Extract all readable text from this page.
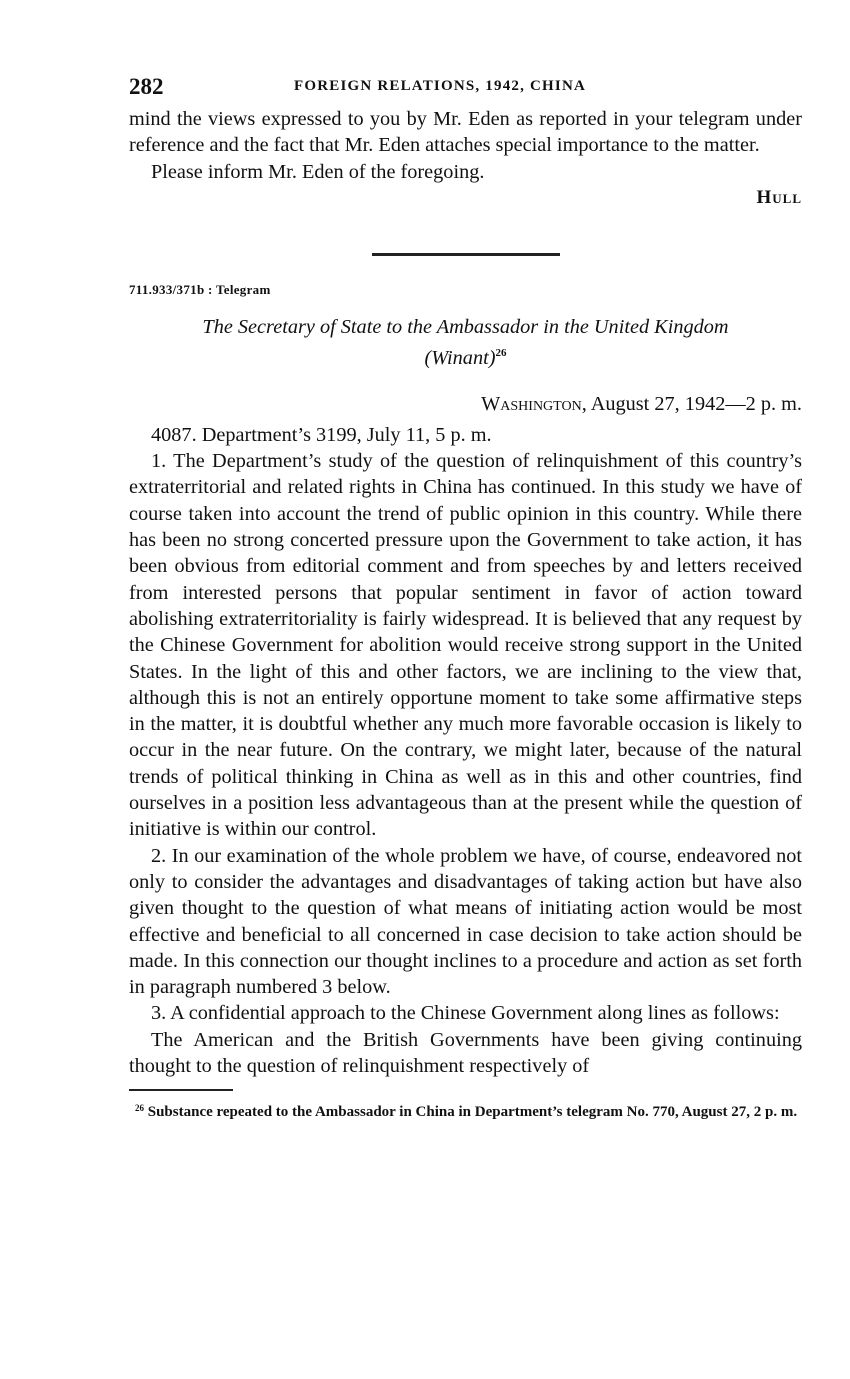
282	FOREIGN RELATIONS, 1942, CHINA

mind the views expressed to you by Mr. Eden as reported in your telegram under reference and the fact that Mr. Eden attaches special importance to the matter.

Please inform Mr. Eden of the foregoing.

Hull
711.933/371b : Telegram
The Secretary of State to the Ambassador in the United Kingdom
(Winant)$^{26}$
Washington, August 27, 1942—2 p. m.

4087. Department’s 3199, July 11, 5 p. m.

1. The Department’s study of the question of relinquishment of this country’s extraterritorial and related rights in China has continued. In this study we have of course taken into account the trend of public opinion in this country. While there has been no strong concerted pressure upon the Government to take action, it has been obvious from editorial comment and from speeches by and letters received from interested persons that popular sentiment in favor of action toward abolishing extraterritoriality is fairly widespread. It is believed that any request by the Chinese Government for abolition would receive strong support in the United States. In the light of this and other factors, we are inclining to the view that, although this is not an entirely opportune moment to take some affirmative steps in the matter, it is doubtful whether any much more favorable occasion is likely to occur in the near future. On the contrary, we might later, because of the natural trends of political thinking in China as well as in this and other countries, find ourselves in a position less advantageous than at the present while the question of initiative is within our control.

2. In our examination of the whole problem we have, of course, endeavored not only to consider the advantages and disadvantages of taking action but have also given thought to the question of what means of initiating action would be most effective and beneficial to all concerned in case decision to take action should be made. In this connection our thought inclines to a procedure and action as set forth in paragraph numbered 3 below.

3. A confidential approach to the Chinese Government along lines as follows:

The American and the British Governments have been giving continuing thought to the question of relinquishment respectively of

$^{26}$ Substance repeated to the Ambassador in China in Department’s telegram No. 770, August 27, 2 p. m.
